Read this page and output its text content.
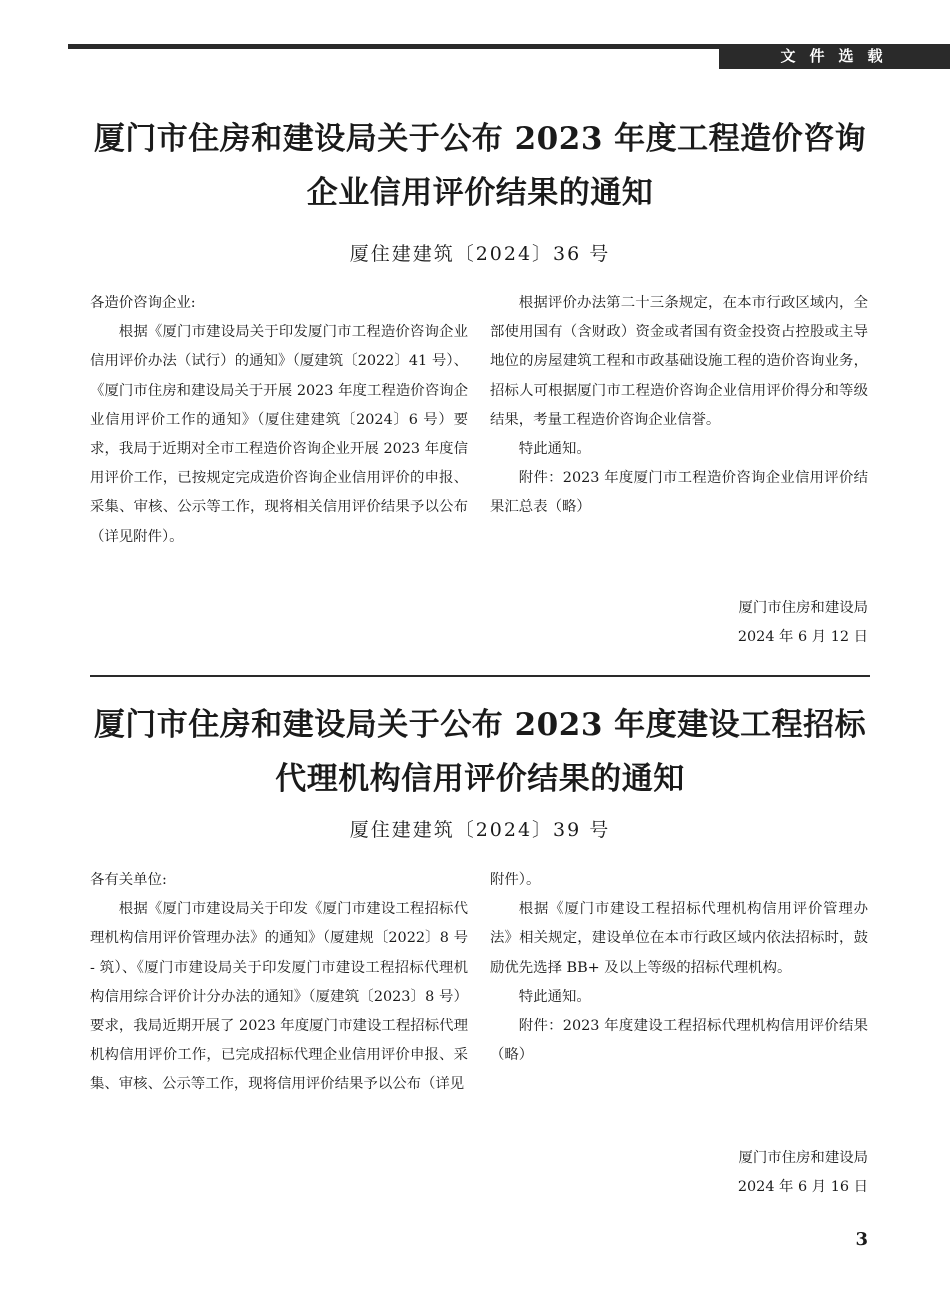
文件选载
厦门市住房和建设局关于公布 2023 年度工程造价咨询
企业信用评价结果的通知
厦住建建筑〔2024〕36 号

各造价咨询企业:

根据《厦门市建设局关于印发厦门市工程造价咨询企业信用评价办法（试行）的通知》（厦建筑〔2022〕41 号）、《厦门市住房和建设局关于开展 2023 年度工程造价咨询企业信用评价工作的通知》（厦住建建筑〔2024〕6 号）要求，我局于近期对全市工程造价咨询企业开展 2023 年度信用评价工作，已按规定完成造价咨询企业信用评价的申报、采集、审核、公示等工作，现将相关信用评价结果予以公布（详见附件）。

根据评价办法第二十三条规定，在本市行政区域内，全部使用国有（含财政）资金或者国有资金投资占控股或主导地位的房屋建筑工程和市政基础设施工程的造价咨询业务，招标人可根据厦门市工程造价咨询企业信用评价得分和等级结果，考量工程造价咨询企业信誉。

特此通知。

附件：2023 年度厦门市工程造价咨询企业信用评价结果汇总表（略）

厦门市住房和建设局
2024 年 6 月 12 日
厦门市住房和建设局关于公布 2023 年度建设工程招标
代理机构信用评价结果的通知
厦住建建筑〔2024〕39 号

各有关单位:

根据《厦门市建设局关于印发《厦门市建设工程招标代理机构信用评价管理办法》的通知》（厦建规〔2022〕8 号 - 筑）、《厦门市建设局关于印发厦门市建设工程招标代理机构信用综合评价计分办法的通知》（厦建筑〔2023〕8 号）要求，我局近期开展了 2023 年度厦门市建设工程招标代理机构信用评价工作，已完成招标代理企业信用评价申报、采集、审核、公示等工作，现将信用评价结果予以公布（详见

附件）。

根据《厦门市建设工程招标代理机构信用评价管理办法》相关规定，建设单位在本市行政区域内依法招标时，鼓励优先选择 BB+ 及以上等级的招标代理机构。

特此通知。

附件：2023 年度建设工程招标代理机构信用评价结果（略）

厦门市住房和建设局
2024 年 6 月 16 日
3
